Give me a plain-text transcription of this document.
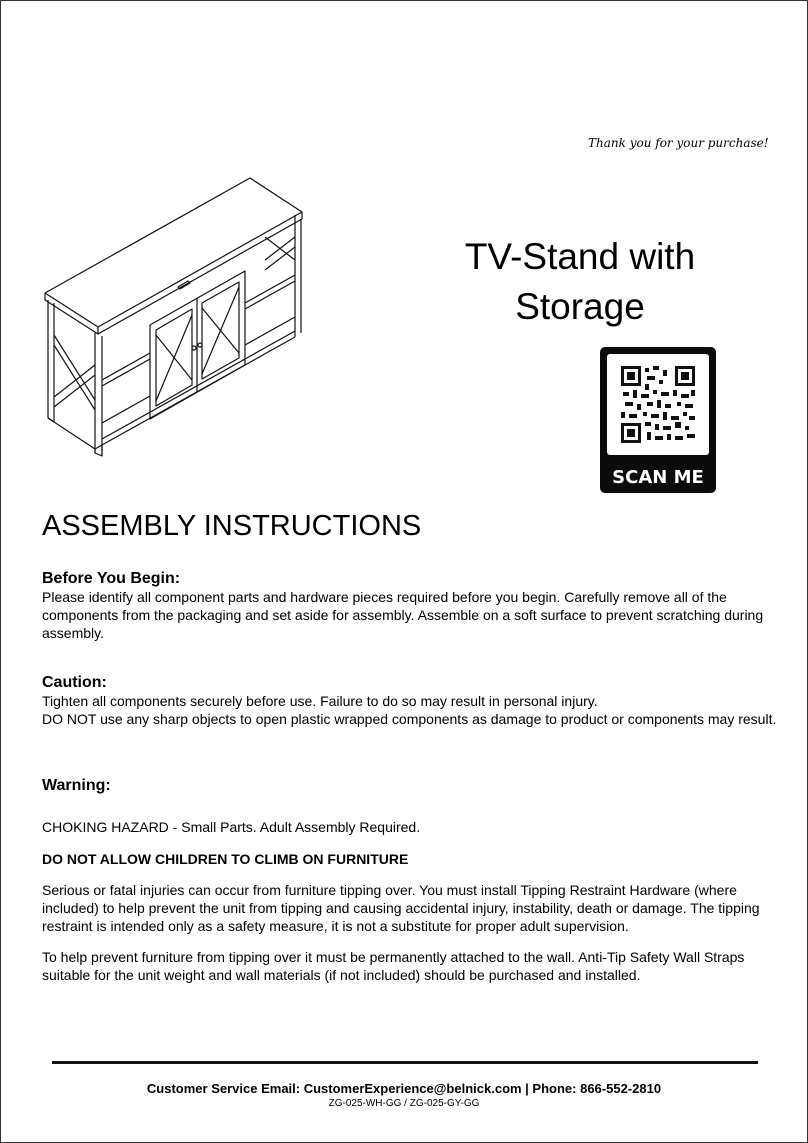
Thank you for your purchase!
TV-Stand with
Storage
SCAN ME
ASSEMBLY INSTRUCTIONS
Before You Begin:
Please identify all component parts and hardware pieces required before you begin. Carefully remove all of the components from the packaging and set aside for assembly. Assemble on a soft surface to prevent scratching during assembly.
Caution:
Tighten all components securely before use. Failure to do so may result in personal injury.
DO NOT use any sharp objects to open plastic wrapped components as damage to product or components may result.
Warning:
CHOKING HAZARD - Small Parts. Adult Assembly Required.
DO NOT ALLOW CHILDREN TO CLIMB ON FURNITURE
Serious or fatal injuries can occur from furniture tipping over. You must install Tipping Restraint Hardware (where included) to help prevent the unit from tipping and causing accidental injury, instability, death or damage. The tipping restraint is intended only as a safety measure, it is not a substitute for proper adult supervision.
To help prevent furniture from tipping over it must be permanently attached to the wall. Anti-Tip Safety Wall Straps suitable for the unit weight and wall materials (if not included) should be purchased and installed.
Customer Service Email: CustomerExperience@belnick.com | Phone: 866-552-2810
ZG-025-WH-GG / ZG-025-GY-GG
